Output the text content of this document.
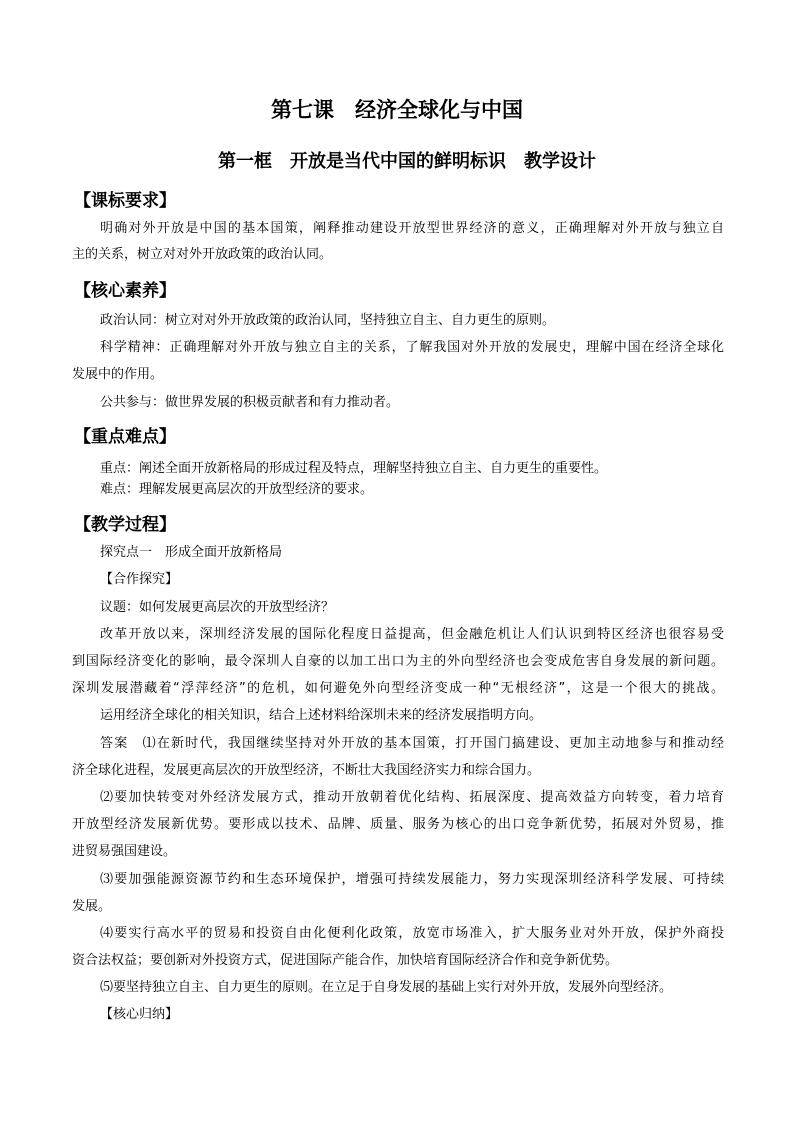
第七课　经济全球化与中国
第一框　开放是当代中国的鲜明标识　教学设计
【课标要求】
明确对外开放是中国的基本国策，阐释推动建设开放型世界经济的意义，正确理解对外开放与独立自
主的关系，树立对对外开放政策的政治认同。
【核心素养】
政治认同：树立对对外开放政策的政治认同，坚持独立自主、自力更生的原则。
科学精神：正确理解对外开放与独立自主的关系，了解我国对外开放的发展史，理解中国在经济全球化
发展中的作用。
公共参与：做世界发展的积极贡献者和有力推动者。
【重点难点】
重点：阐述全面开放新格局的形成过程及特点，理解坚持独立自主、自力更生的重要性。
难点：理解发展更高层次的开放型经济的要求。
【教学过程】
探究点一　形成全面开放新格局
【合作探究】
议题：如何发展更高层次的开放型经济？
改革开放以来，深圳经济发展的国际化程度日益提高，但金融危机让人们认识到特区经济也很容易受
到国际经济变化的影响，最令深圳人自豪的以加工出口为主的外向型经济也会变成危害自身发展的新问题。
深圳发展潜藏着“浮萍经济”的危机，如何避免外向型经济变成一种“无根经济”，这是一个很大的挑战。
运用经济全球化的相关知识，结合上述材料给深圳未来的经济发展指明方向。
答案　⑴在新时代，我国继续坚持对外开放的基本国策，打开国门搞建设、更加主动地参与和推动经
济全球化进程，发展更高层次的开放型经济，不断壮大我国经济实力和综合国力。
⑵要加快转变对外经济发展方式，推动开放朝着优化结构、拓展深度、提高效益方向转变，着力培育
开放型经济发展新优势。要形成以技术、品牌、质量、服务为核心的出口竞争新优势，拓展对外贸易，推
进贸易强国建设。
⑶要加强能源资源节约和生态环境保护，增强可持续发展能力，努力实现深圳经济科学发展、可持续
发展。
⑷要实行高水平的贸易和投资自由化便利化政策，放宽市场准入，扩大服务业对外开放，保护外商投
资合法权益；要创新对外投资方式，促进国际产能合作，加快培育国际经济合作和竞争新优势。
⑸要坚持独立自主、自力更生的原则。在立足于自身发展的基础上实行对外开放，发展外向型经济。
【核心归纳】
